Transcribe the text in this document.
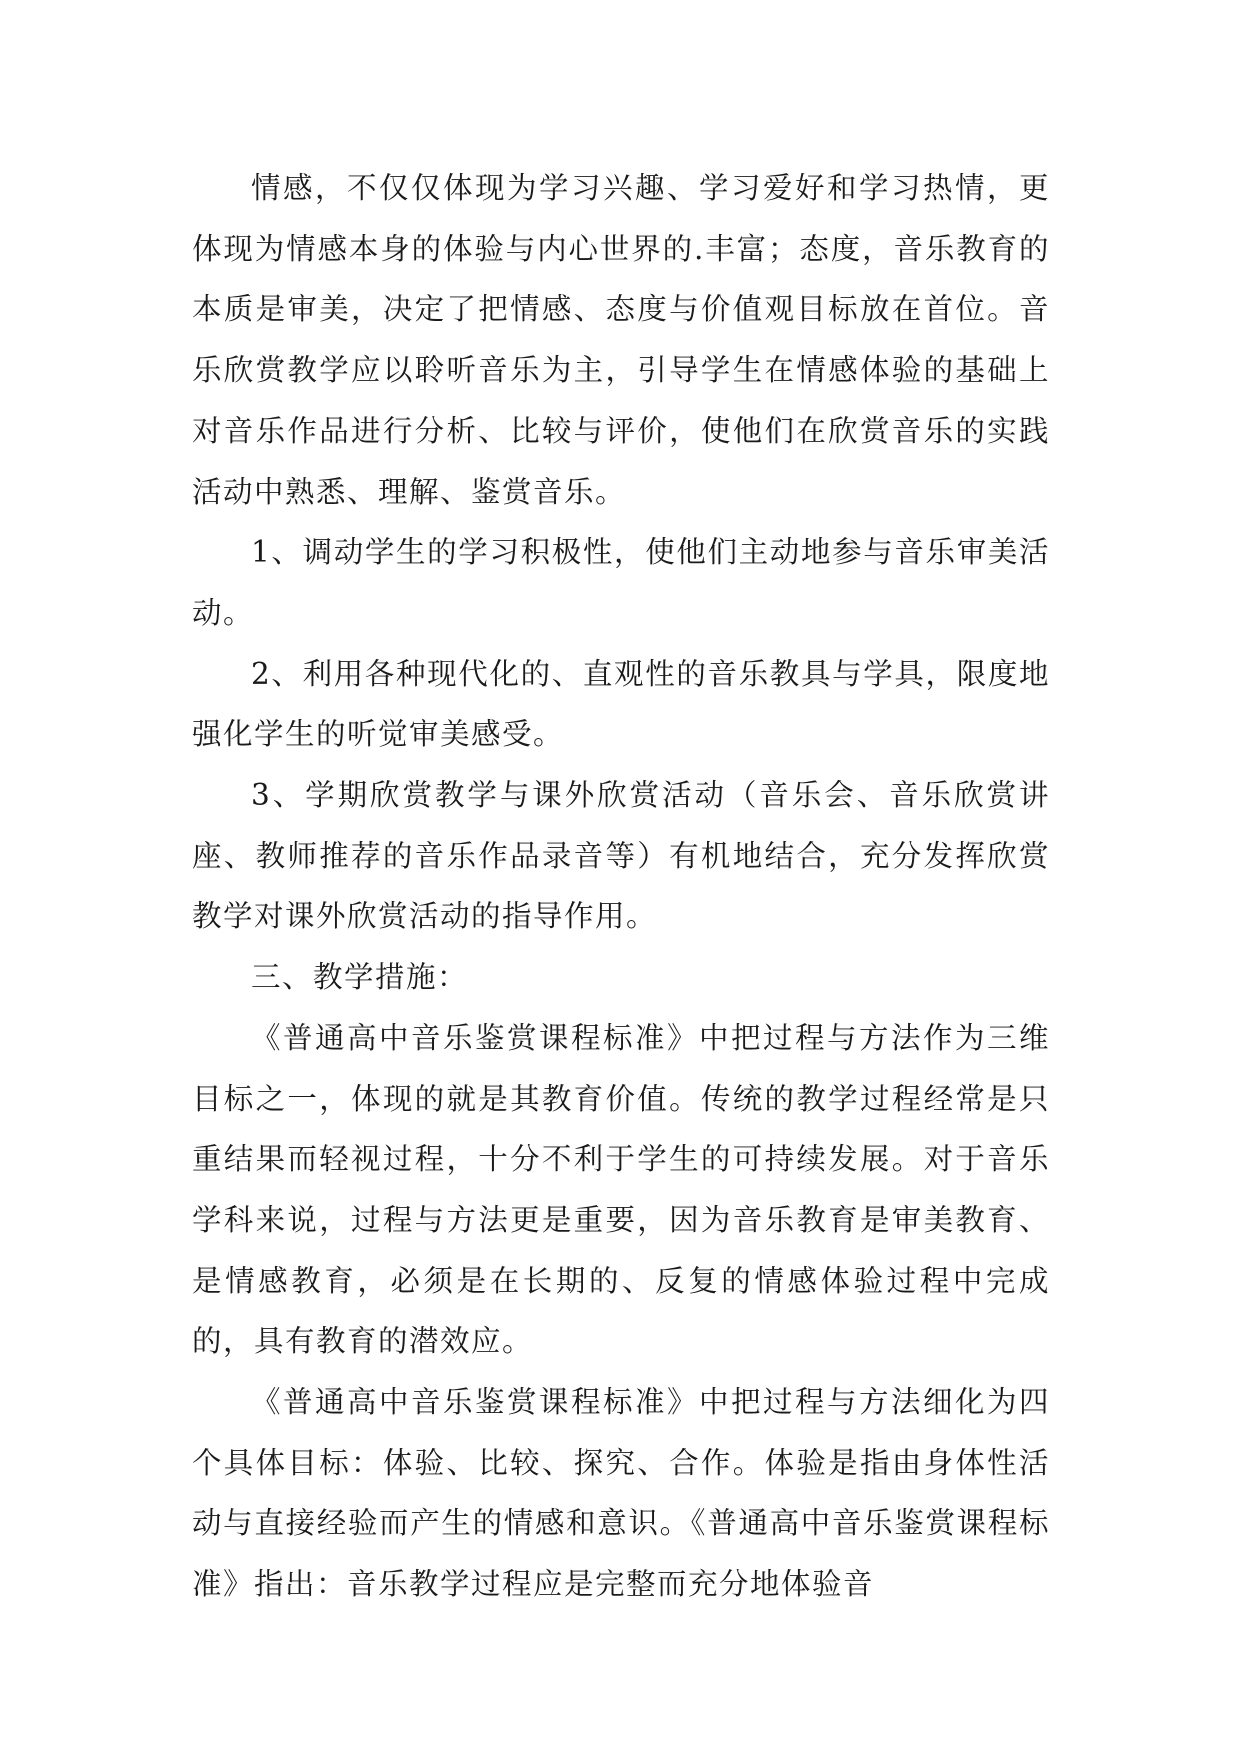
情感，不仅仅体现为学习兴趣、学习爱好和学习热情，更体现为情感本身的体验与内心世界的.丰富；态度，音乐教育的本质是审美，决定了把情感、态度与价值观目标放在首位。音乐欣赏教学应以聆听音乐为主，引导学生在情感体验的基础上对音乐作品进行分析、比较与评价，使他们在欣赏音乐的实践活动中熟悉、理解、鉴赏音乐。

1、调动学生的学习积极性，使他们主动地参与音乐审美活动。

2、利用各种现代化的、直观性的音乐教具与学具，限度地强化学生的听觉审美感受。

3、学期欣赏教学与课外欣赏活动（音乐会、音乐欣赏讲座、教师推荐的音乐作品录音等）有机地结合，充分发挥欣赏教学对课外欣赏活动的指导作用。

三、教学措施：

《普通高中音乐鉴赏课程标准》中把过程与方法作为三维目标之一，体现的就是其教育价值。传统的教学过程经常是只重结果而轻视过程，十分不利于学生的可持续发展。对于音乐学科来说，过程与方法更是重要，因为音乐教育是审美教育、是情感教育，必须是在长期的、反复的情感体验过程中完成的，具有教育的潜效应。

《普通高中音乐鉴赏课程标准》中把过程与方法细化为四个具体目标：体验、比较、探究、合作。体验是指由身体性活动与直接经验而产生的情感和意识。《普通高中音乐鉴赏课程标准》指出：音乐教学过程应是完整而充分地体验音
